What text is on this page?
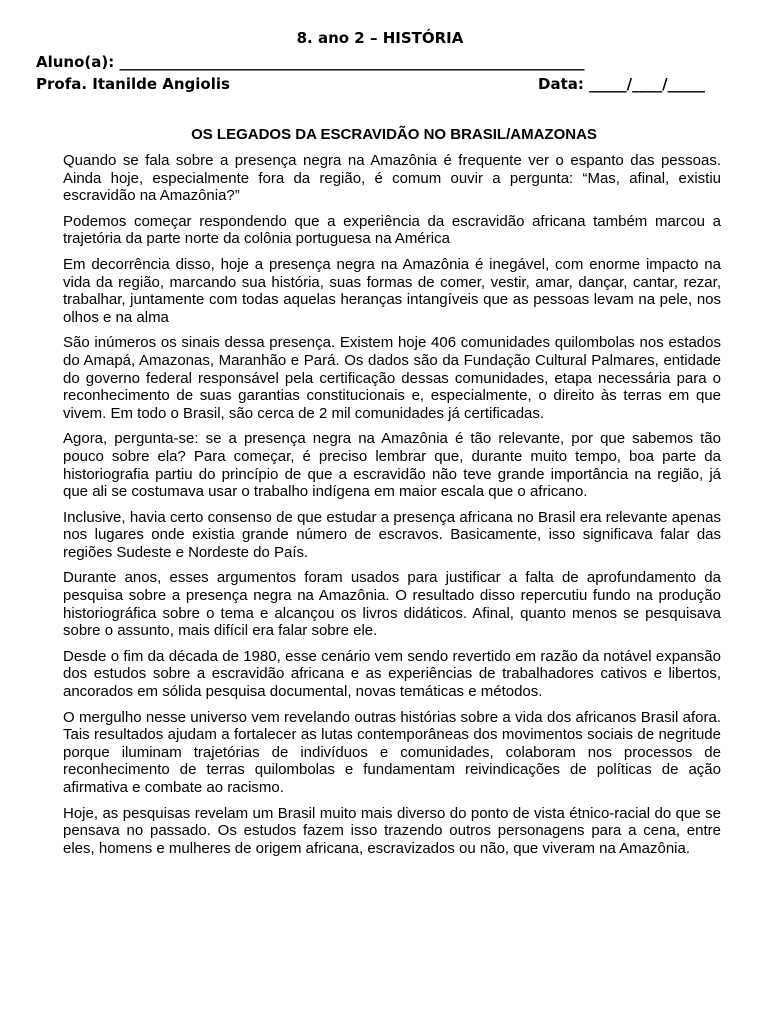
8. ano 2 – HISTÓRIA
Aluno(a): ______________________________________________________________
Profa. Itanilde Angiolis	Data: _____/____/_____
OS LEGADOS DA ESCRAVIDÃO NO BRASIL/AMAZONAS

Quando se fala sobre a presença negra na Amazônia é frequente ver o espanto das pessoas. Ainda hoje, especialmente fora da região, é comum ouvir a pergunta: “Mas, afinal, existiu escravidão na Amazônia?”

Podemos começar respondendo que a experiência da escravidão africana também marcou a trajetória da parte norte da colônia portuguesa na América

Em decorrência disso, hoje a presença negra na Amazônia é inegável, com enorme impacto na vida da região, marcando sua história, suas formas de comer, vestir, amar, dançar, cantar, rezar, trabalhar, juntamente com todas aquelas heranças intangíveis que as pessoas levam na pele, nos olhos e na alma

São inúmeros os sinais dessa presença. Existem hoje 406 comunidades quilombolas nos estados do Amapá, Amazonas, Maranhão e Pará. Os dados são da Fundação Cultural Palmares, entidade do governo federal responsável pela certificação dessas comunidades, etapa necessária para o reconhecimento de suas garantias constitucionais e, especialmente, o direito às terras em que vivem. Em todo o Brasil, são cerca de 2 mil comunidades já certificadas.

Agora, pergunta-se: se a presença negra na Amazônia é tão relevante, por que sabemos tão pouco sobre ela? Para começar, é preciso lembrar que, durante muito tempo, boa parte da historiografia partiu do princípio de que a escravidão não teve grande importância na região, já que ali se costumava usar o trabalho indígena em maior escala que o africano.

Inclusive, havia certo consenso de que estudar a presença africana no Brasil era relevante apenas nos lugares onde existia grande número de escravos. Basicamente, isso significava falar das regiões Sudeste e Nordeste do País.

Durante anos, esses argumentos foram usados para justificar a falta de aprofundamento da pesquisa sobre a presença negra na Amazônia. O resultado disso repercutiu fundo na produção historiográfica sobre o tema e alcançou os livros didáticos. Afinal, quanto menos se pesquisava sobre o assunto, mais difícil era falar sobre ele.

Desde o fim da década de 1980, esse cenário vem sendo revertido em razão da notável expansão dos estudos sobre a escravidão africana e as experiências de trabalhadores cativos e libertos, ancorados em sólida pesquisa documental, novas temáticas e métodos.

O mergulho nesse universo vem revelando outras histórias sobre a vida dos africanos Brasil afora. Tais resultados ajudam a fortalecer as lutas contemporâneas dos movimentos sociais de negritude porque iluminam trajetórias de indivíduos e comunidades, colaboram nos processos de reconhecimento de terras quilombolas e fundamentam reivindicações de políticas de ação afirmativa e combate ao racismo.

Hoje, as pesquisas revelam um Brasil muito mais diverso do ponto de vista étnico-racial do que se pensava no passado. Os estudos fazem isso trazendo outros personagens para a cena, entre eles, homens e mulheres de origem africana, escravizados ou não, que viveram na Amazônia.
